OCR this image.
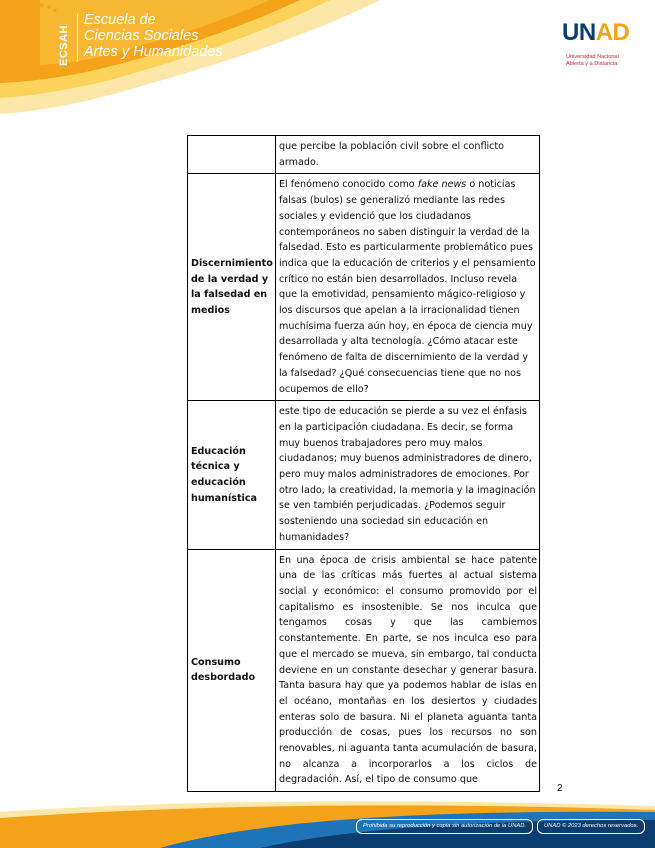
ECSAH
Escuela de
Ciencias Sociales
Artes y Humanidades
UNAD
Universidad Nacional
Abierta y a Distancia
	que percibe la población civil sobre el conflicto armado.
Discernimiento de la verdad y la falsedad en medios	El fenómeno conocido como fake news o noticias falsas (bulos) se generalizó mediante las redes sociales y evidenció que los ciudadanos contemporáneos no saben distinguir la verdad de la falsedad. Esto es particularmente problemático pues indica que la educación de criterios y el pensamiento crítico no están bien desarrollados. Incluso revela que la emotividad, pensamiento mágico-religioso y los discursos que apelan a la irracionalidad tienen muchísima fuerza aún hoy, en época de ciencia muy desarrollada y alta tecnología. ¿Cómo atacar este fenómeno de falta de discernimiento de la verdad y la falsedad? ¿Qué consecuencias tiene que no nos ocupemos de ello?
Educación técnica y educación humanística	este tipo de educación se pierde a su vez el énfasis en la participación ciudadana. Es decir, se forma muy buenos trabajadores pero muy malos ciudadanos; muy buenos administradores de dinero, pero muy malos administradores de emociones. Por otro lado, la creatividad, la memoria y la imaginación se ven también perjudicadas. ¿Podemos seguir sosteniendo una sociedad sin educación en humanidades?
Consumo desbordado	En una época de crisis ambiental se hace patente una de las críticas más fuertes al actual sistema social y económico: el consumo promovido por el capitalismo es insostenible. Se nos inculca que tengamos cosas y que las cambiemos constantemente. En parte, se nos inculca eso para que el mercado se mueva, sin embargo, tal conducta deviene en un constante desechar y generar basura. Tanta basura hay que ya podemos hablar de islas en el océano, montañas en los desiertos y ciudades enteras solo de basura. Ni el planeta aguanta tanta producción de cosas, pues los recursos no son renovables, ni aguanta tanta acumulación de basura, no alcanza a incorporarlos a los ciclos de degradación. Así, el tipo de consumo que
2
Prohibida su reproducción y copia sin autorización de la UNAD.	UNAD © 2023 derechos reservados.
